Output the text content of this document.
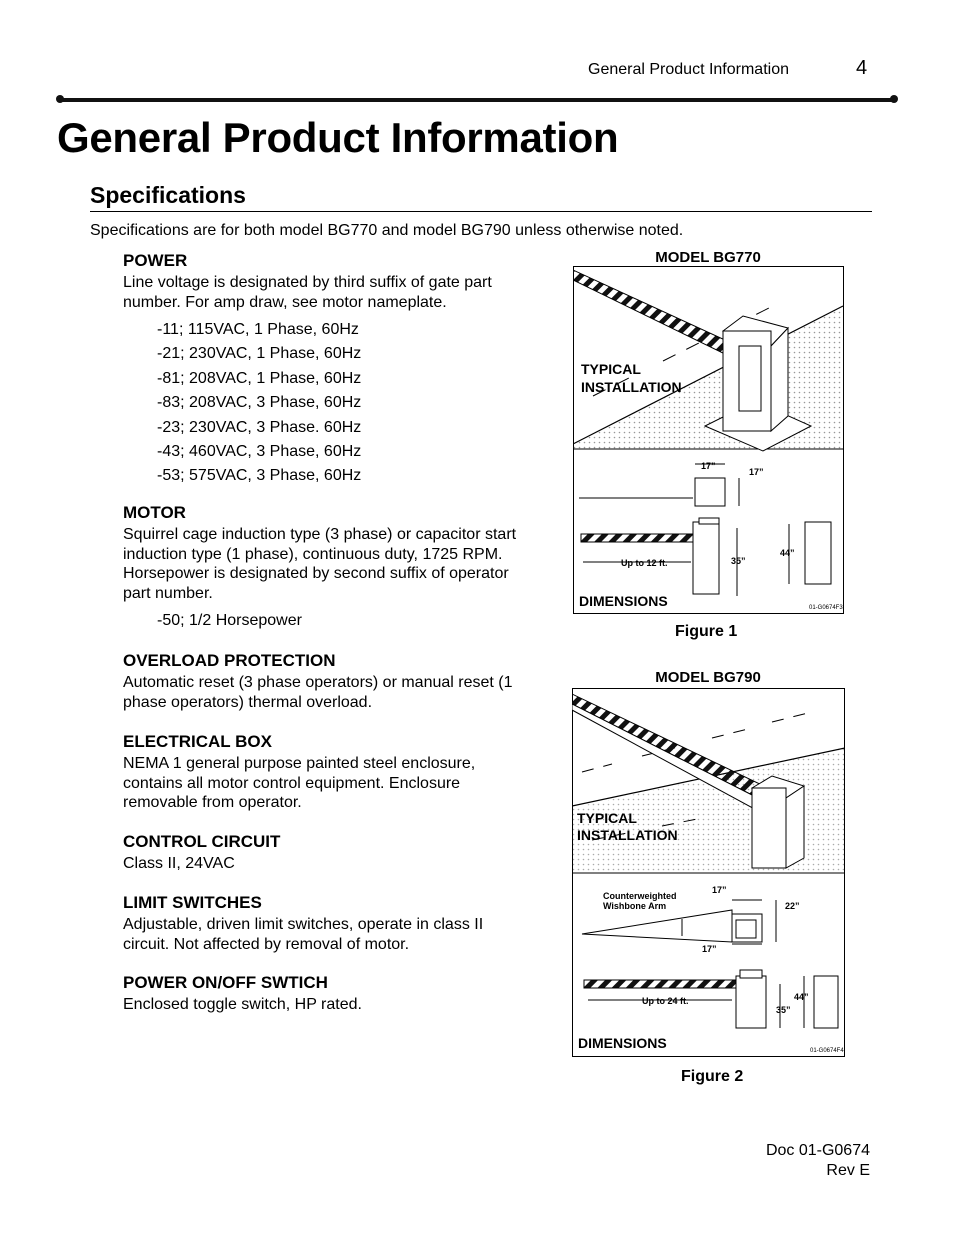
General Product Information	4
General Product Information
Specifications
Specifications are for both model BG770 and model BG790 unless otherwise noted.
POWER

Line voltage is designated by third suffix of gate part number. For amp draw, see motor nameplate.

-11; 115VAC, 1 Phase, 60Hz
-21; 230VAC, 1 Phase, 60Hz
-81; 208VAC, 1 Phase, 60Hz
-83; 208VAC, 3 Phase, 60Hz
-23; 230VAC, 3 Phase. 60Hz
-43; 460VAC, 3 Phase, 60Hz
-53; 575VAC, 3 Phase, 60Hz
MOTOR

Squirrel cage induction type (3 phase) or capacitor start induction type (1 phase), continuous duty, 1725 RPM. Horsepower is designated by second suffix of operator part number.

-50; 1/2 Horsepower
OVERLOAD PROTECTION

Automatic reset (3 phase operators) or manual reset (1 phase operators) thermal overload.

ELECTRICAL BOX

NEMA 1 general purpose painted steel enclosure, contains all motor control equipment. Enclosure removable from operator.

CONTROL CIRCUIT

Class II, 24VAC

LIMIT SWITCHES

Adjustable, driven limit switches, operate in class II circuit. Not affected by removal of motor.

POWER ON/OFF SWTICH

Enclosed toggle switch, HP rated.

MODEL BG770
TYPICAL
INSTALLATION
17”
17”
44”
35”
Up to 12 ft.
DIMENSIONS	01-G0674F3
Figure 1
MODEL BG790
TYPICAL
INSTALLATION
Counterweighted
Wishbone Arm
17”
22”
17”
44”
35”
Up to 24 ft.
DIMENSIONS	01-G0674F4
Figure 2
Doc 01-G0674
Rev E
